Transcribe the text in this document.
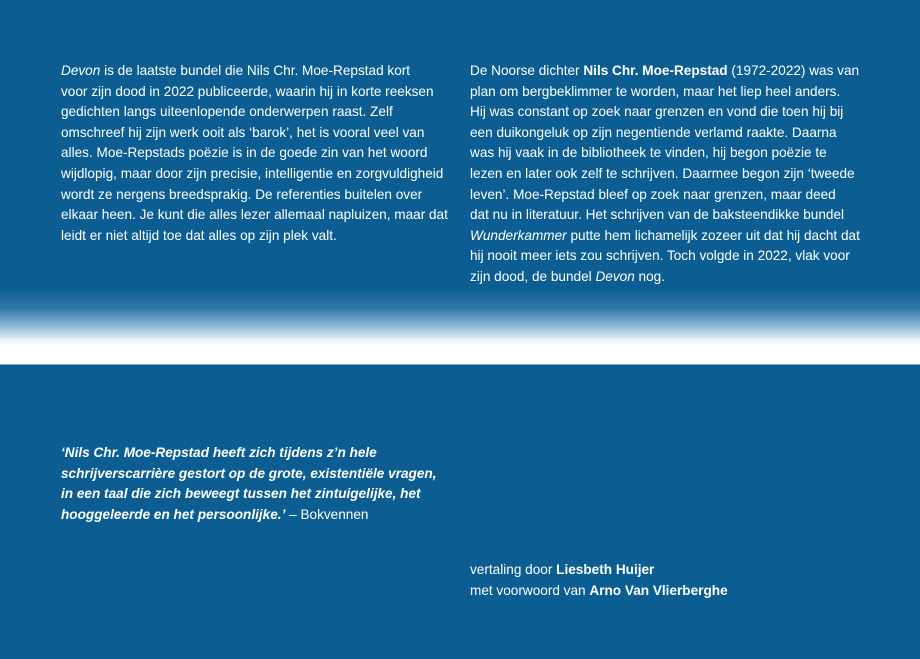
Devon is de laatste bundel die Nils Chr. Moe-Repstad kort
voor zijn dood in 2022 publiceerde, waarin hij in korte reeksen
gedichten langs uiteenlopende onderwerpen raast. Zelf
omschreef hij zijn werk ooit als ‘barok’, het is vooral veel van
alles. Moe-Repstads poëzie is in de goede zin van het woord
wijdlopig, maar door zijn precisie, intelligentie en zorgvuldigheid
wordt ze nergens breedsprakig. De referenties buitelen over
elkaar heen. Je kunt die alles lezer allemaal napluizen, maar dat
leidt er niet altijd toe dat alles op zijn plek valt.
De Noorse dichter Nils Chr. Moe-Repstad (1972-2022) was van
plan om bergbeklimmer te worden, maar het liep heel anders.
Hij was constant op zoek naar grenzen en vond die toen hij bij
een duikongeluk op zijn negentiende verlamd raakte. Daarna
was hij vaak in de bibliotheek te vinden, hij begon poëzie te
lezen en later ook zelf te schrijven. Daarmee begon zijn ‘tweede
leven’. Moe-Repstad bleef op zoek naar grenzen, maar deed
dat nu in literatuur. Het schrijven van de baksteendikke bundel
Wunderkammer putte hem lichamelijk zozeer uit dat hij dacht dat
hij nooit meer iets zou schrijven. Toch volgde in 2022, vlak voor
zijn dood, de bundel Devon nog.
‘Nils Chr. Moe-Repstad heeft zich tijdens z’n hele
schrijverscarrière gestort op de grote, existentiële vragen,
in een taal die zich beweegt tussen het zintuigelijke, het
hooggeleerde en het persoonlijke.’ – Bokvennen
vertaling door Liesbeth Huijer
met voorwoord van Arno Van Vlierberghe
